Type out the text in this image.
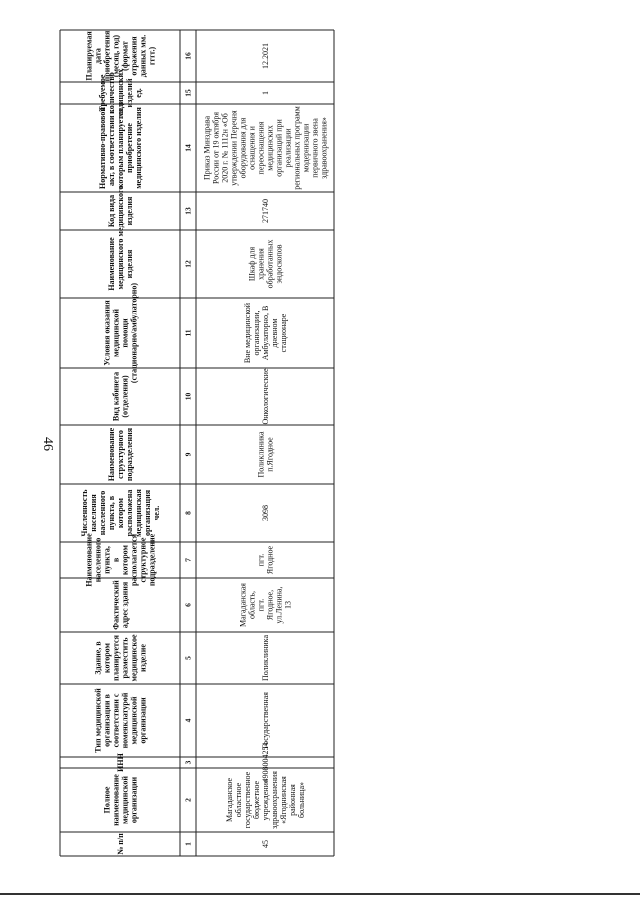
46
Планируемаядатаприобретения(месяц, год)(форматотраженияданных мм.гггг.)	16	12.2021
Требуемоеколичествомедицинскихизделийед.	15	1
Нормативно-правовойакт, в соответствии скоторым планируетсяприобретениемедицинского изделия	14 Приказ МинздраваРоссии от 19 октября2020 г. № 1112н «Обутверждении Перечняоборудования дляоснащения ипереоснащениямедицинскихорганизаций приреализациирегиональных программмодернизациипервичного звеназдравоохранения»
Код видамедицинскогоизделия	13	271740
Наименованиемедицинскогоизделия	12	Шкаф дляхраненияобработанныхэндоскопов
Условия оказаниямедицинскойпомощи(стационарно/амбулаторно)	11	Вне медицинскойорганизации,Амбулаторно, Вдневномстационаре
Вид кабинета(отделения)	10	Онкологические
Наименованиеструктурногоподразделения	9	Поликлиникап.Ягодное
Численностьнаселениянаселенногопункта, вкоторомрасположенамедицинскаяорганизациячел.	8	3098
Наименованиенаселенногопункта,вкоторомрасполагаетсяструктурноеподразделение	7	пгт.Ягодное
Фактическийадрес здания	6	Магаданскаяобласть,пгт.Ягодное,ул.Ленина,13
Здание, вкоторомпланируетсяразместитьмедицинскоеизделие	5	Поликлиника
Тип медицинскойорганизации всоответствии сноменклатуроймедицинскойорганизации	4	Государственная
ИНН	3	4908004254
Полноенаименованиемедицинскойорганизации	2	Магаданскоеобластноегосударственноебюджетноеучреждениездравоохранения«Ягоднинскаярайоннаябольница»
№ п/п	1	45
